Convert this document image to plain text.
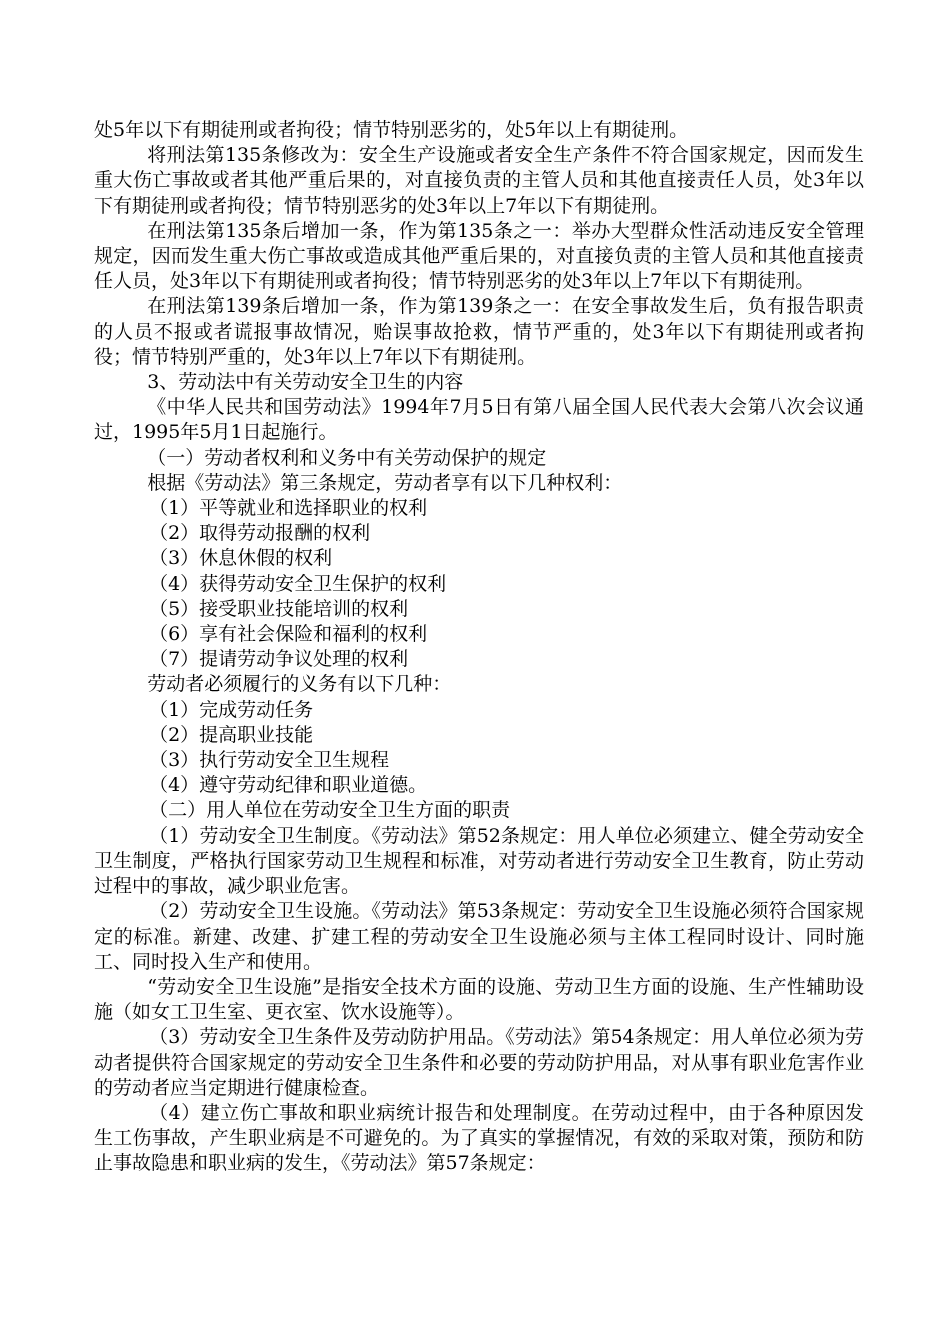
处5年以下有期徒刑或者拘役；情节特别恶劣的，处5年以上有期徒刑。

将刑法第135条修改为：安全生产设施或者安全生产条件不符合国家规定，因而发生重大伤亡事故或者其他严重后果的，对直接负责的主管人员和其他直接责任人员，处3年以下有期徒刑或者拘役；情节特别恶劣的处3年以上7年以下有期徒刑。

在刑法第135条后增加一条，作为第135条之一：举办大型群众性活动违反安全管理规定，因而发生重大伤亡事故或造成其他严重后果的，对直接负责的主管人员和其他直接责任人员，处3年以下有期徒刑或者拘役；情节特别恶劣的处3年以上7年以下有期徒刑。

在刑法第139条后增加一条，作为第139条之一：在安全事故发生后，负有报告职责的人员不报或者谎报事故情况，贻误事故抢救，情节严重的，处3年以下有期徒刑或者拘役；情节特别严重的，处3年以上7年以下有期徒刑。

3、劳动法中有关劳动安全卫生的内容

《中华人民共和国劳动法》1994年7月5日有第八届全国人民代表大会第八次会议通过，1995年5月1日起施行。

（一）劳动者权利和义务中有关劳动保护的规定

根据《劳动法》第三条规定，劳动者享有以下几种权利：

（1）平等就业和选择职业的权利

（2）取得劳动报酬的权利

（3）休息休假的权利

（4）获得劳动安全卫生保护的权利

（5）接受职业技能培训的权利

（6）享有社会保险和福利的权利

（7）提请劳动争议处理的权利

劳动者必须履行的义务有以下几种：

（1）完成劳动任务

（2）提高职业技能

（3）执行劳动安全卫生规程

（4）遵守劳动纪律和职业道德。

（二）用人单位在劳动安全卫生方面的职责

（1）劳动安全卫生制度。《劳动法》第52条规定：用人单位必须建立、健全劳动安全卫生制度，严格执行国家劳动卫生规程和标准，对劳动者进行劳动安全卫生教育，防止劳动过程中的事故，减少职业危害。

（2）劳动安全卫生设施。《劳动法》第53条规定：劳动安全卫生设施必须符合国家规定的标准。新建、改建、扩建工程的劳动安全卫生设施必须与主体工程同时设计、同时施工、同时投入生产和使用。

“劳动安全卫生设施”是指安全技术方面的设施、劳动卫生方面的设施、生产性辅助设施（如女工卫生室、更衣室、饮水设施等）。

（3）劳动安全卫生条件及劳动防护用品。《劳动法》第54条规定：用人单位必须为劳动者提供符合国家规定的劳动安全卫生条件和必要的劳动防护用品，对从事有职业危害作业的劳动者应当定期进行健康检查。

（4）建立伤亡事故和职业病统计报告和处理制度。在劳动过程中，由于各种原因发生工伤事故，产生职业病是不可避免的。为了真实的掌握情况，有效的采取对策，预防和防止事故隐患和职业病的发生，《劳动法》第57条规定：
